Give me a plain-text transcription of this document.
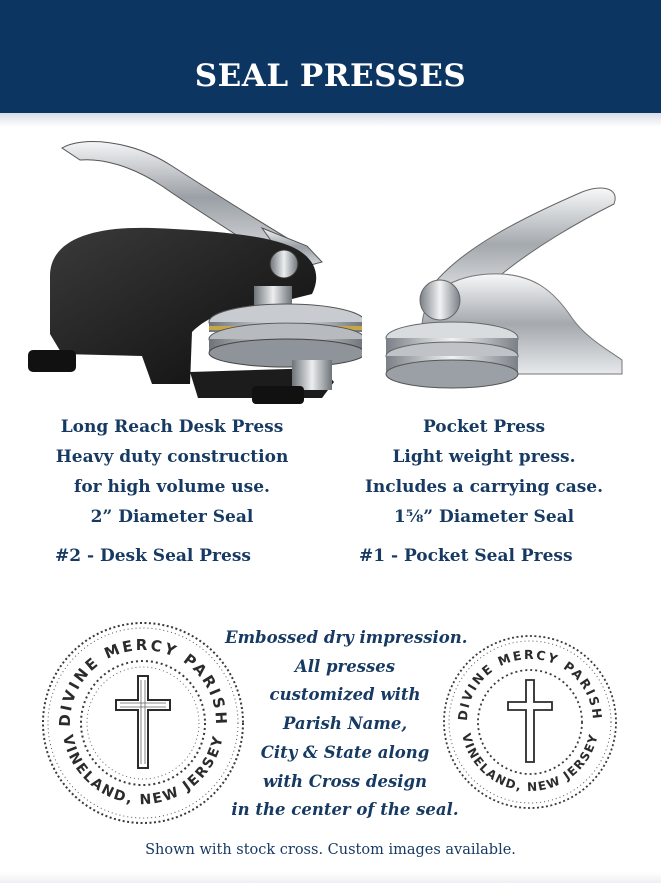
SEAL PRESSES
Long Reach Desk Press
Heavy duty construction
for high volume use.
2” Diameter Seal
Pocket Press
Light weight press.
Includes a carrying case.
1⅝” Diameter Seal
#2 - Desk Seal Press	#1 - Pocket Seal Press
DIVINE MERCY PARISH
VINELAND, NEW JERSEY
DIVINE MERCY PARISH
VINELAND, NEW JERSEY
Embossed dry impression.
All presses
customized with
Parish Name,
City & State along
with Cross design
in the center of the seal.
Shown with stock cross. Custom images available.
